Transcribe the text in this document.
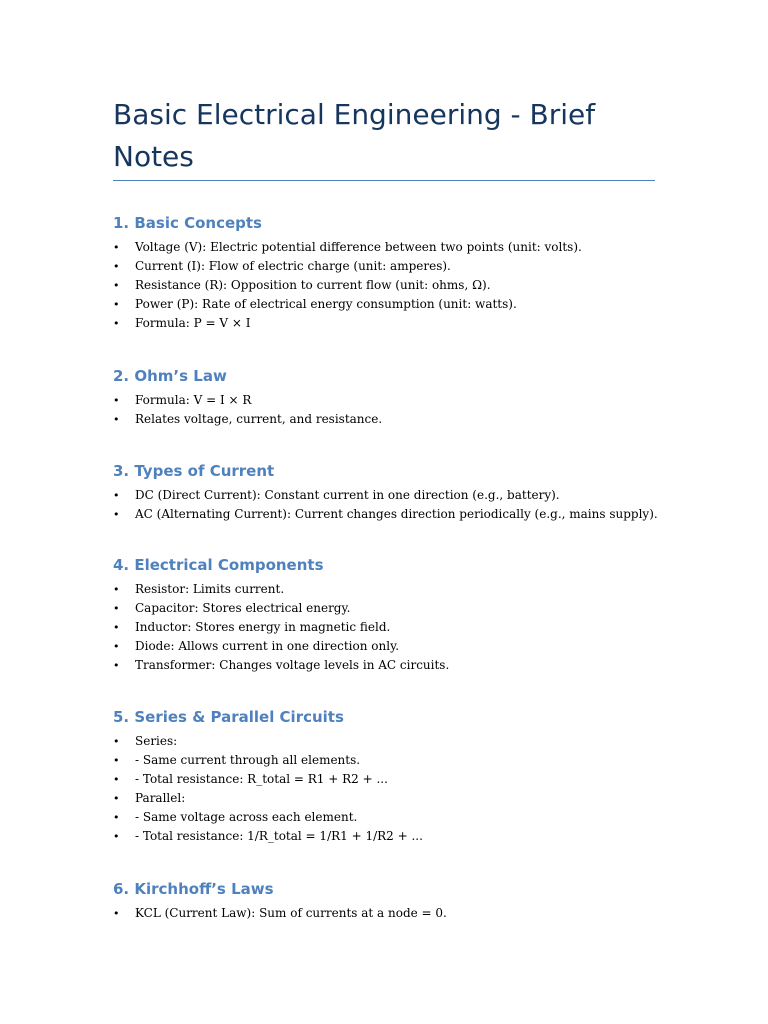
Basic Electrical Engineering - Brief Notes
1. Basic Concepts
• Voltage (V): Electric potential difference between two points (unit: volts).
• Current (I): Flow of electric charge (unit: amperes).
• Resistance (R): Opposition to current flow (unit: ohms, Ω).
• Power (P): Rate of electrical energy consumption (unit: watts).
• Formula: P = V × I
2. Ohm’s Law
• Formula: V = I × R
• Relates voltage, current, and resistance.
3. Types of Current
• DC (Direct Current): Constant current in one direction (e.g., battery).
• AC (Alternating Current): Current changes direction periodically (e.g., mains supply).
4. Electrical Components
• Resistor: Limits current.
• Capacitor: Stores electrical energy.
• Inductor: Stores energy in magnetic field.
• Diode: Allows current in one direction only.
• Transformer: Changes voltage levels in AC circuits.
5. Series & Parallel Circuits
• Series:
• - Same current through all elements.
• - Total resistance: R_total = R1 + R2 + ...
• Parallel:
• - Same voltage across each element.
• - Total resistance: 1/R_total = 1/R1 + 1/R2 + ...
6. Kirchhoff’s Laws
• KCL (Current Law): Sum of currents at a node = 0.
